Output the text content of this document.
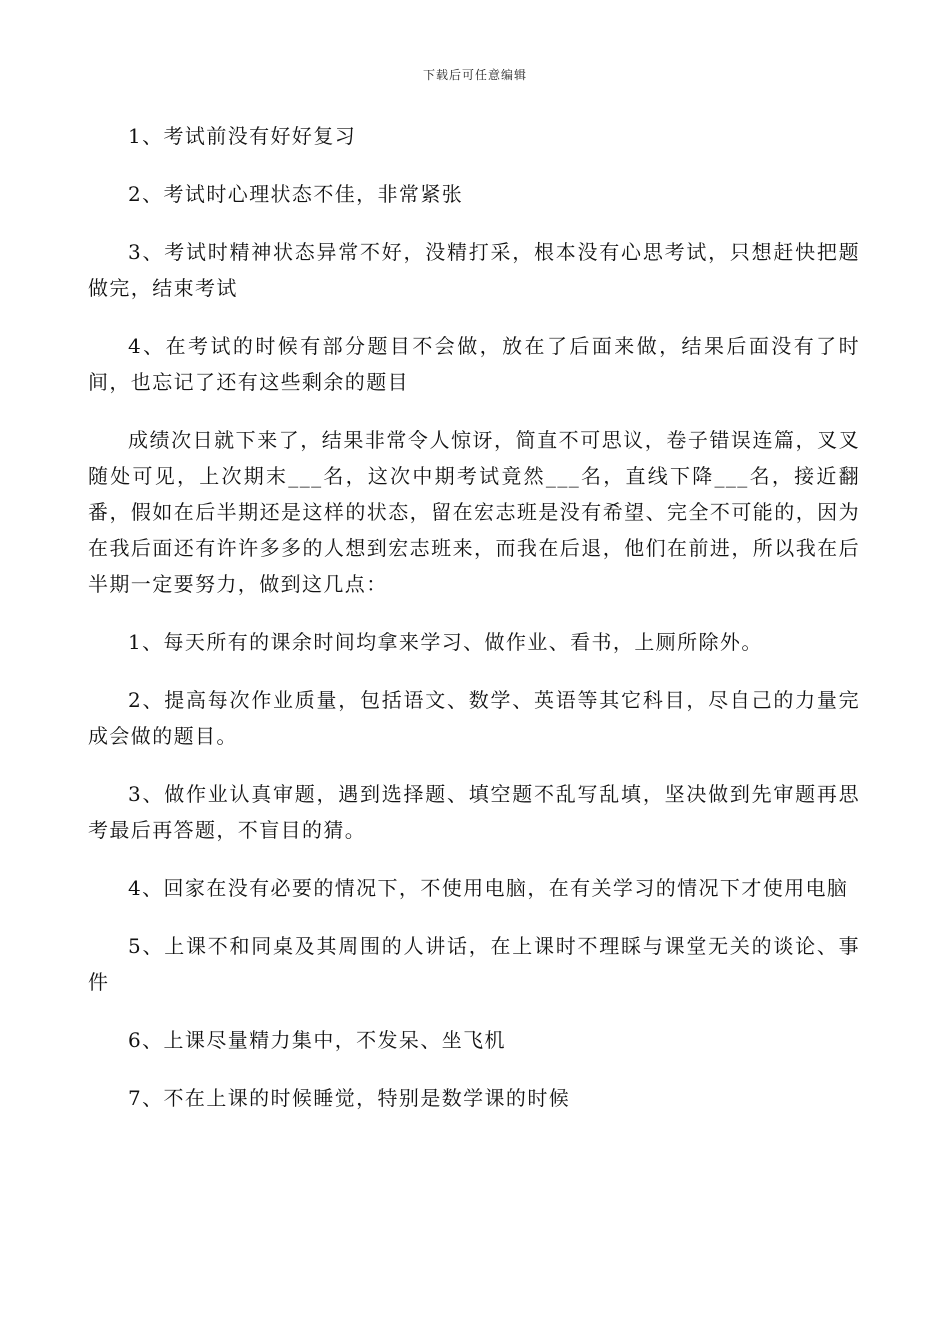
下载后可任意编辑

1、考试前没有好好复习

2、考试时心理状态不佳，非常紧张

3、考试时精神状态异常不好，没精打采，根本没有心思考试，只想赶快把题做完，结束考试

4、在考试的时候有部分题目不会做，放在了后面来做，结果后面没有了时间，也忘记了还有这些剩余的题目

成绩次日就下来了，结果非常令人惊讶，简直不可思议，卷子错误连篇，叉叉随处可见，上次期末___名，这次中期考试竟然___名，直线下降___名，接近翻番，假如在后半期还是这样的状态，留在宏志班是没有希望、完全不可能的，因为在我后面还有许许多多的人想到宏志班来，而我在后退，他们在前进，所以我在后半期一定要努力，做到这几点：

1、每天所有的课余时间均拿来学习、做作业、看书，上厕所除外。

2、提高每次作业质量，包括语文、数学、英语等其它科目，尽自己的力量完成会做的题目。

3、做作业认真审题，遇到选择题、填空题不乱写乱填，坚决做到先审题再思考最后再答题，不盲目的猜。

4、回家在没有必要的情况下，不使用电脑，在有关学习的情况下才使用电脑

5、上课不和同桌及其周围的人讲话，在上课时不理睬与课堂无关的谈论、事件

6、上课尽量精力集中，不发呆、坐飞机

7、不在上课的时候睡觉，特别是数学课的时候
